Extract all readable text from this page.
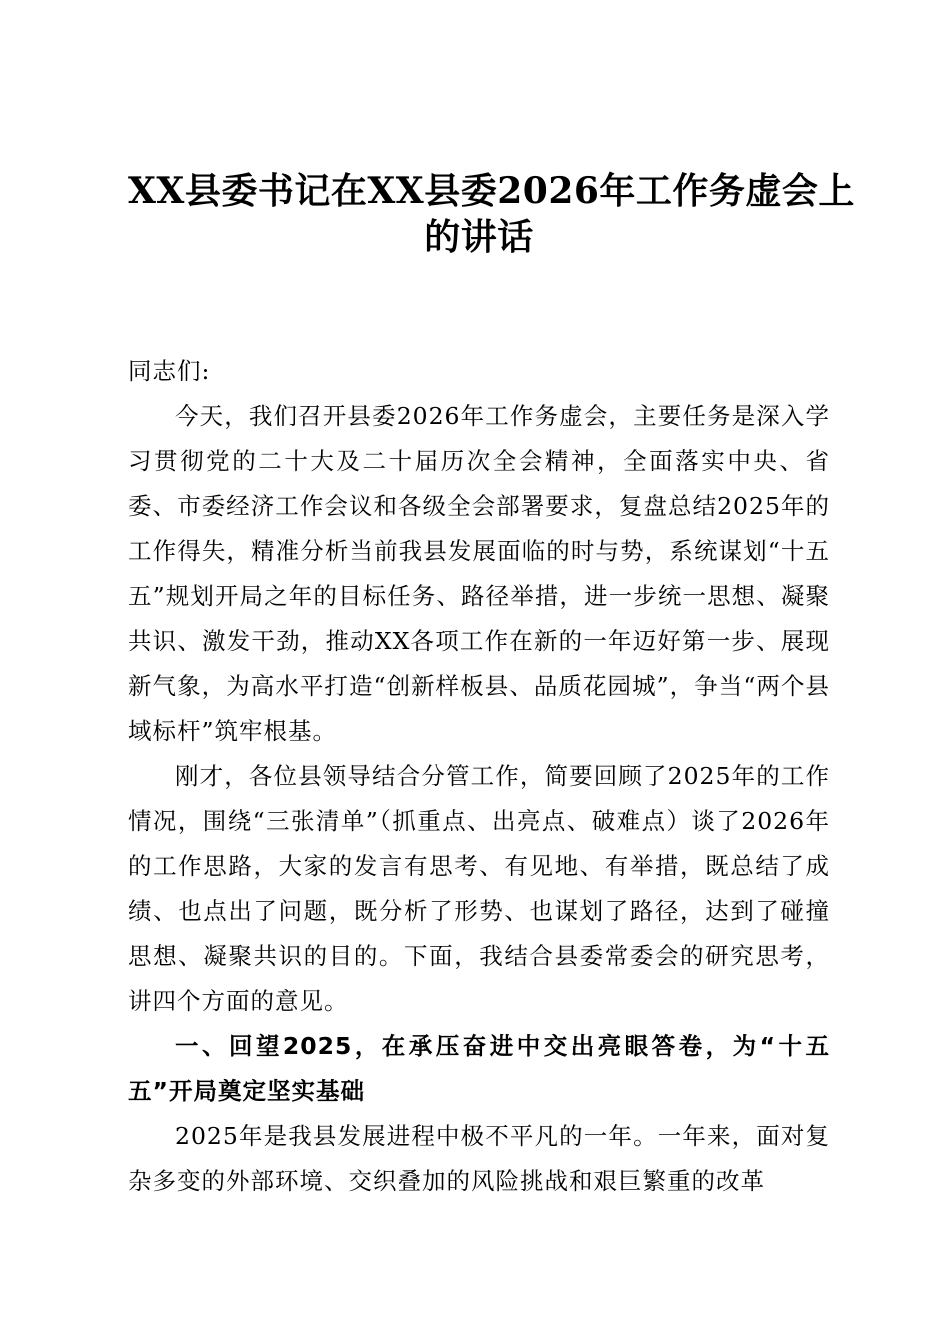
XX县委书记在XX县委2026年工作务虚会上
的讲话

同志们:

今天，我们召开县委2026年工作务虚会，主要任务是深入学习贯彻党的二十大及二十届历次全会精神，全面落实中央、省委、市委经济工作会议和各级全会部署要求，复盘总结2025年的工作得失，精准分析当前我县发展面临的时与势，系统谋划“十五五”规划开局之年的目标任务、路径举措，进一步统一思想、凝聚共识、激发干劲，推动XX各项工作在新的一年迈好第一步、展现新气象，为高水平打造“创新样板县、品质花园城”，争当“两个县域标杆”筑牢根基。

刚才，各位县领导结合分管工作，简要回顾了2025年的工作情况，围绕“三张清单”（抓重点、出亮点、破难点）谈了2026年的工作思路，大家的发言有思考、有见地、有举措，既总结了成绩、也点出了问题，既分析了形势、也谋划了路径，达到了碰撞思想、凝聚共识的目的。下面，我结合县委常委会的研究思考，讲四个方面的意见。

一、回望2025，在承压奋进中交出亮眼答卷，为“十五五”开局奠定坚实基础

2025年是我县发展进程中极不平凡的一年。一年来，面对复杂多变的外部环境、交织叠加的风险挑战和艰巨繁重的改革
